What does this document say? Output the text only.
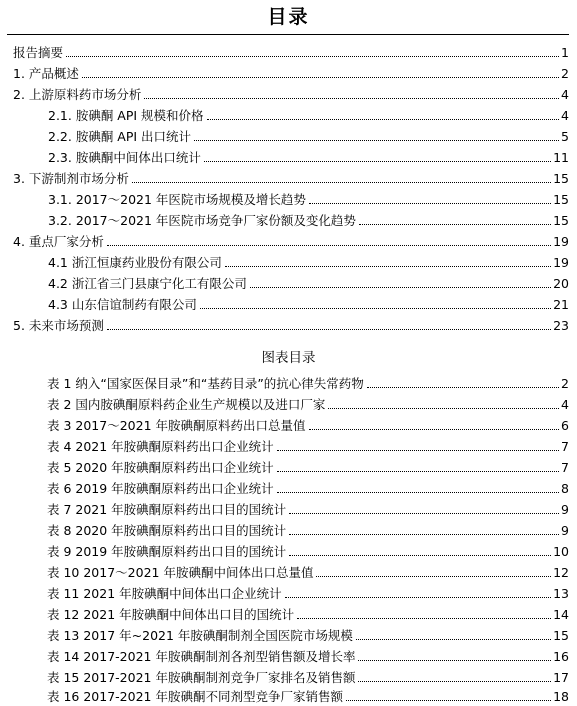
目录
报告摘要	1
1. 产品概述	2
2. 上游原料药市场分析	4
2.1. 胺碘酮 API 规模和价格	4
2.2. 胺碘酮 API 出口统计	5
2.3. 胺碘酮中间体出口统计	11
3. 下游制剂市场分析	15
3.1. 2017～2021 年医院市场规模及增长趋势	15
3.2. 2017～2021 年医院市场竞争厂家份额及变化趋势	15
4. 重点厂家分析	19
4.1 浙江恒康药业股份有限公司	19
4.2 浙江省三门县康宁化工有限公司	20
4.3 山东信谊制药有限公司	21
5. 未来市场预测	23
图表目录
表 1 纳入“国家医保目录”和“基药目录”的抗心律失常药物	2
表 2 国内胺碘酮原料药企业生产规模以及进口厂家	4
表 3 2017～2021 年胺碘酮原料药出口总量值	6
表 4 2021 年胺碘酮原料药出口企业统计	7
表 5 2020 年胺碘酮原料药出口企业统计	7
表 6 2019 年胺碘酮原料药出口企业统计	8
表 7 2021 年胺碘酮原料药出口目的国统计	9
表 8 2020 年胺碘酮原料药出口目的国统计	9
表 9 2019 年胺碘酮原料药出口目的国统计	10
表 10 2017～2021 年胺碘酮中间体出口总量值	12
表 11 2021 年胺碘酮中间体出口企业统计	13
表 12 2021 年胺碘酮中间体出口目的国统计	14
表 13 2017 年~2021 年胺碘酮制剂全国医院市场规模	15
表 14 2017-2021 年胺碘酮制剂各剂型销售额及增长率	16
表 15 2017-2021 年胺碘酮制剂竞争厂家排名及销售额	17
表 16 2017-2021 年胺碘酮不同剂型竞争厂家销售额	18
